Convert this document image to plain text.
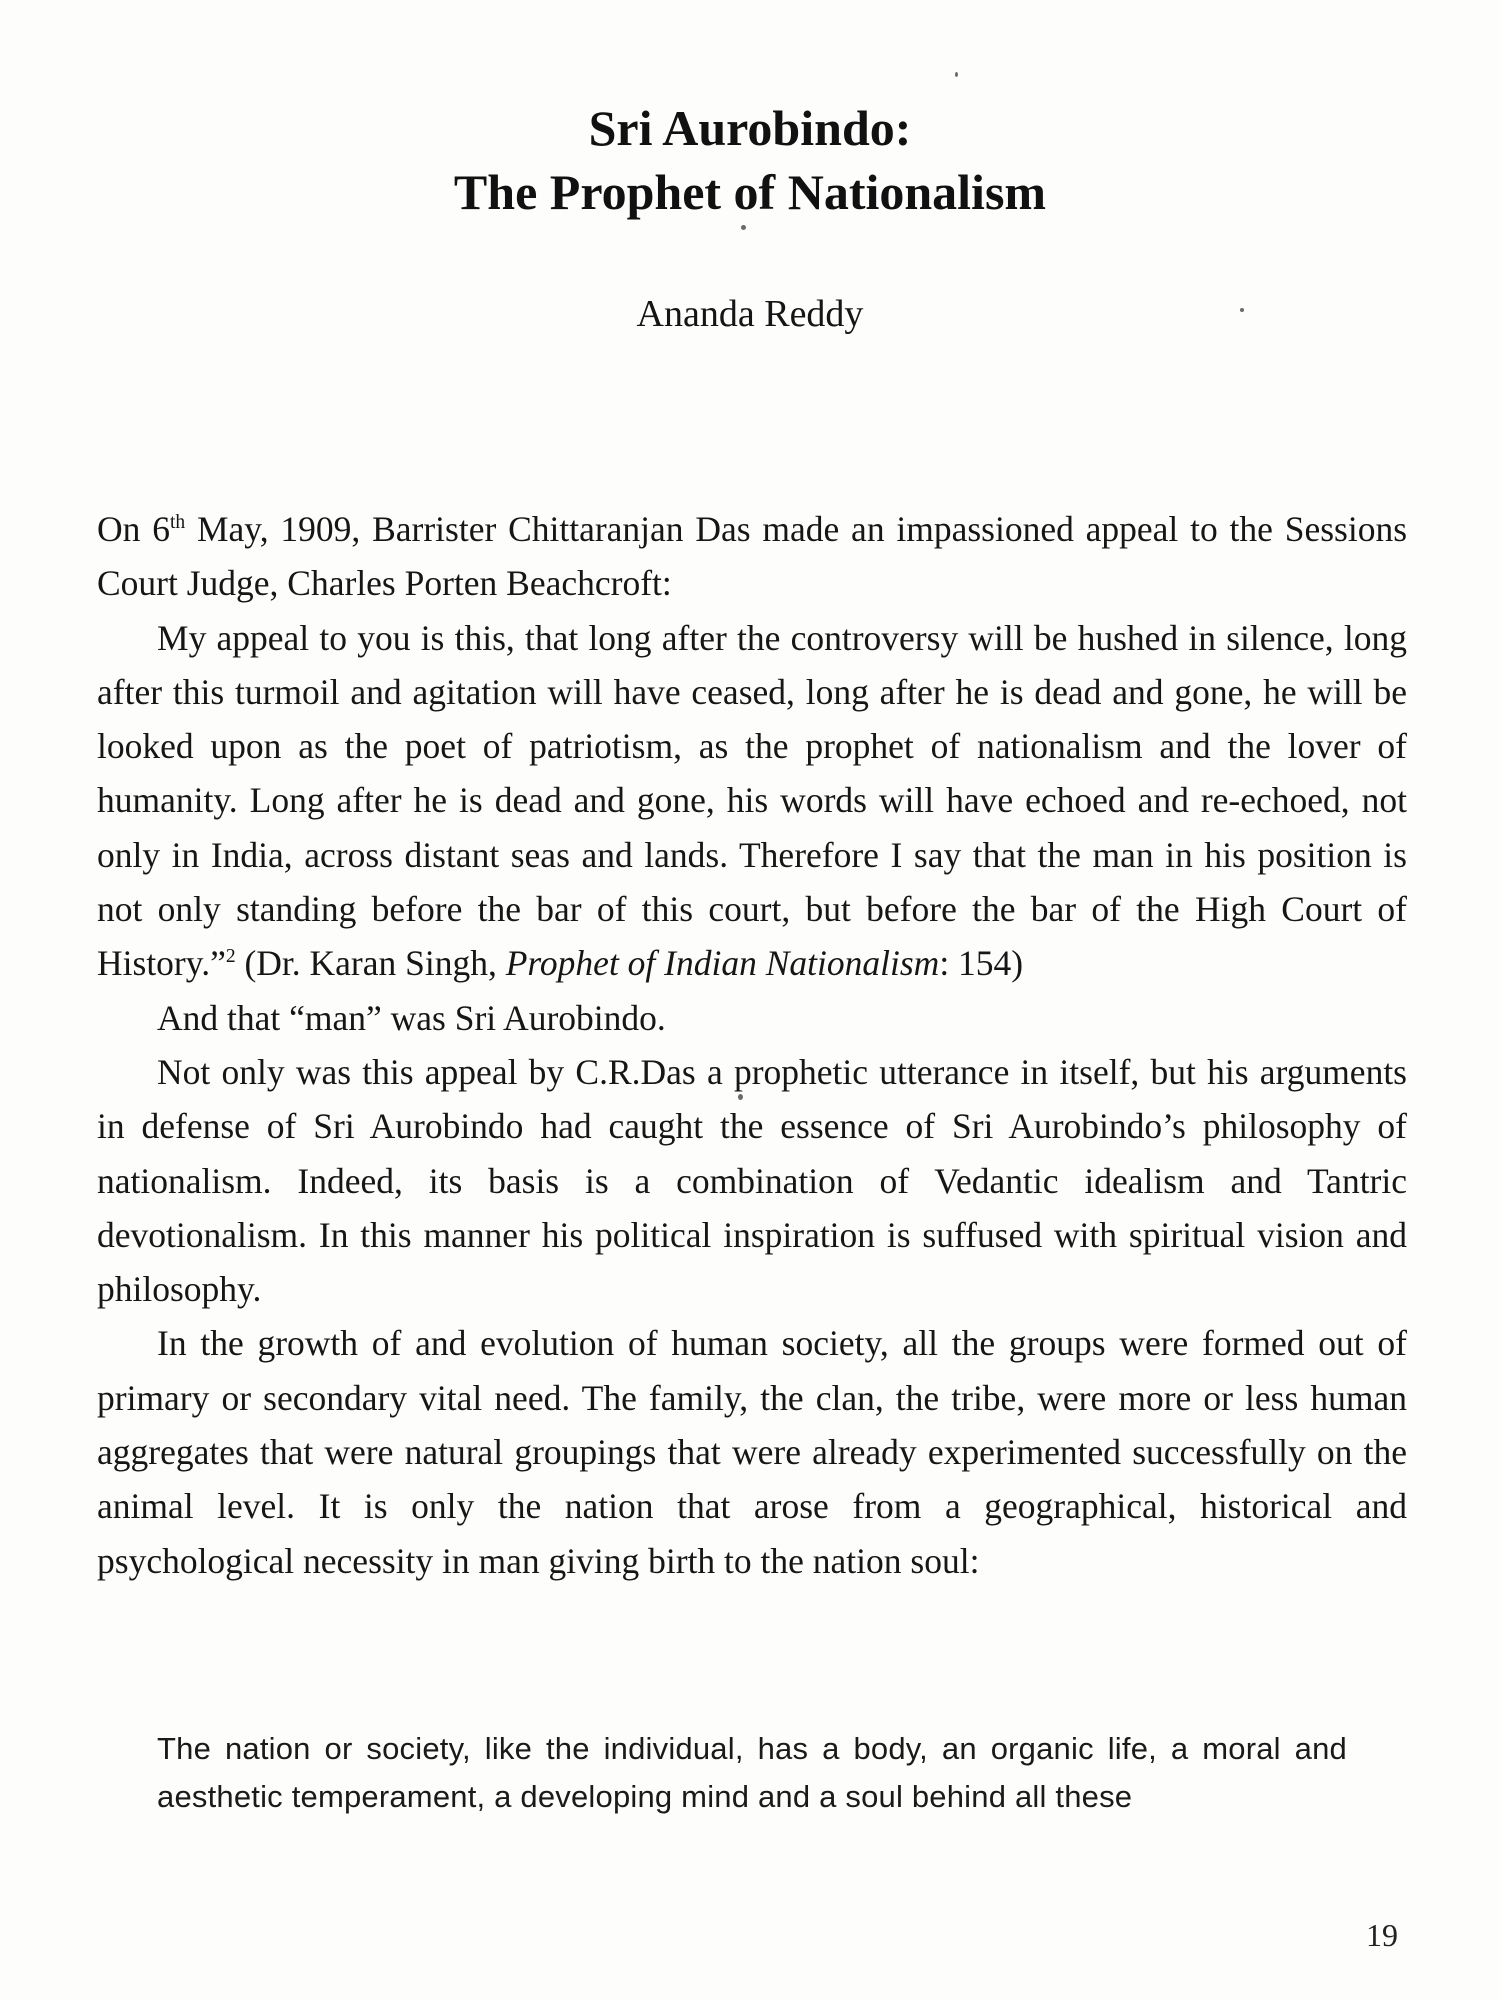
Sri Aurobindo:
The Prophet of Nationalism
Ananda Reddy

On 6th May, 1909, Barrister Chittaranjan Das made an impassioned appeal to the Sessions Court Judge, Charles Porten Beachcroft:

My appeal to you is this, that long after the controversy will be hushed in silence, long after this turmoil and agitation will have ceased, long after he is dead and gone, he will be looked upon as the poet of patriotism, as the prophet of nationalism and the lover of humanity. Long after he is dead and gone, his words will have echoed and re-echoed, not only in India, across distant seas and lands. Therefore I say that the man in his position is not only standing before the bar of this court, but before the bar of the High Court of History.”$^2$ (Dr. Karan Singh, Prophet of Indian Nationalism: 154)

And that “man” was Sri Aurobindo.

Not only was this appeal by C.R.Das a prophetic utterance in itself, but his arguments in defense of Sri Aurobindo had caught the essence of Sri Aurobindo’s philosophy of nationalism. Indeed, its basis is a combination of Vedantic idealism and Tantric devotionalism. In this manner his political inspiration is suffused with spiritual vision and philosophy.

In the growth of and evolution of human society, all the groups were formed out of primary or secondary vital need. The family, the clan, the tribe, were more or less human aggregates that were natural groupings that were already experimented successfully on the animal level. It is only the nation that arose from a geographical, historical and psychological necessity in man giving birth to the nation soul:

The nation or society, like the individual, has a body, an organic life, a moral and aesthetic temperament, a developing mind and a soul behind all these

19
